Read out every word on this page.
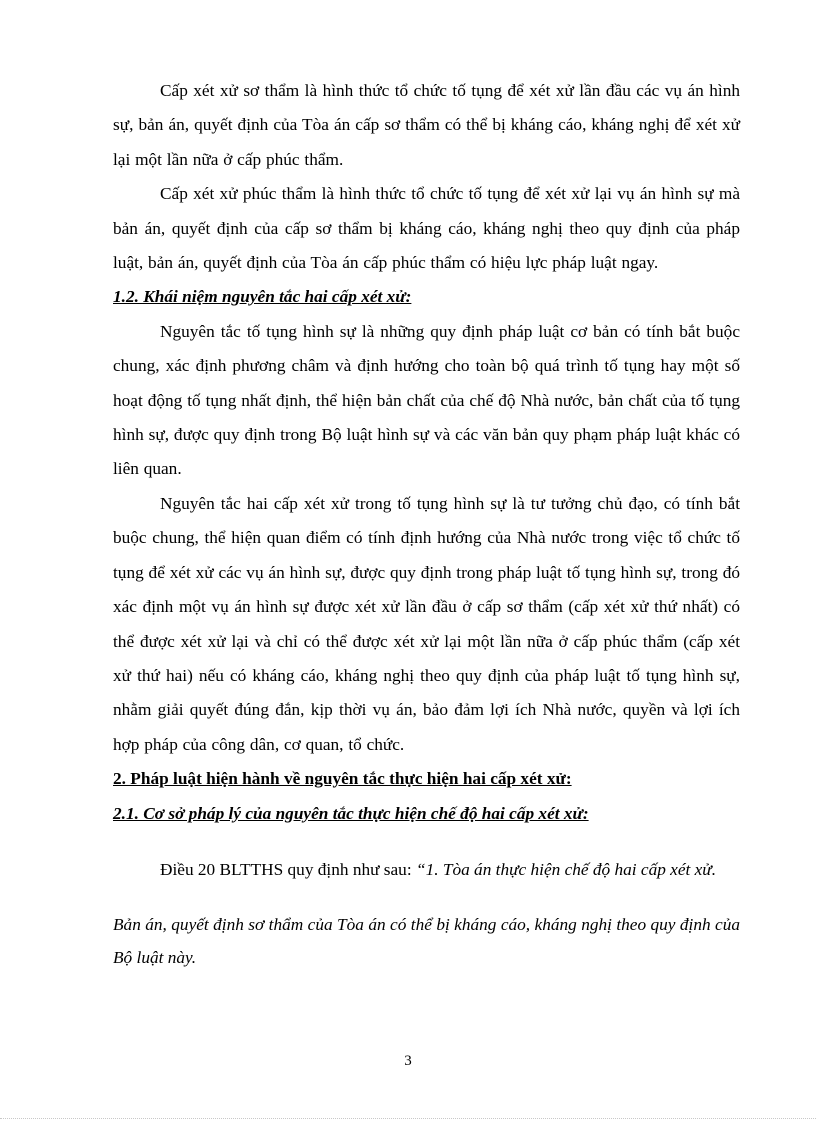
Cấp xét xử sơ thẩm là hình thức tổ chức tố tụng để xét xử lần đầu các vụ án hình sự, bản án, quyết định của Tòa án cấp sơ thẩm có thể bị kháng cáo, kháng nghị để xét xử lại một lần nữa ở cấp phúc thẩm.

Cấp xét xử phúc thẩm là hình thức tổ chức tố tụng để xét xử lại vụ án hình sự mà bản án, quyết định của cấp sơ thẩm bị kháng cáo, kháng nghị theo quy định của pháp luật, bản án, quyết định của Tòa án cấp phúc thẩm có hiệu lực pháp luật ngay.

1.2. Khái niệm nguyên tắc hai cấp xét xử:

Nguyên tắc tố tụng hình sự là những quy định pháp luật cơ bản có tính bắt buộc chung, xác định phương châm và định hướng cho toàn bộ quá trình tố tụng hay một số hoạt động tố tụng nhất định, thể hiện bản chất của chế độ Nhà nước, bản chất của tố tụng hình sự, được quy định trong Bộ luật hình sự và các văn bản quy phạm pháp luật khác có liên quan.

Nguyên tắc hai cấp xét xử trong tố tụng hình sự là tư tưởng chủ đạo, có tính bắt buộc chung, thể hiện quan điểm có tính định hướng của Nhà nước trong việc tổ chức tố tụng để xét xử các vụ án hình sự, được quy định trong pháp luật tố tụng hình sự, trong đó xác định một vụ án hình sự được xét xử lần đầu ở cấp sơ thẩm (cấp xét xử thứ nhất) có thể được xét xử lại và chỉ có thể được xét xử lại một lần nữa ở cấp phúc thẩm (cấp xét xử thứ hai) nếu có kháng cáo, kháng nghị theo quy định của pháp luật tố tụng hình sự, nhằm giải quyết đúng đắn, kịp thời vụ án, bảo đảm lợi ích Nhà nước, quyền và lợi ích hợp pháp của công dân, cơ quan, tổ chức.

2. Pháp luật hiện hành về nguyên tắc thực hiện hai cấp xét xử:

2.1. Cơ sở pháp lý của nguyên tắc thực hiện chế độ hai cấp xét xử:

Điều 20 BLTTHS quy định như sau: “1. Tòa án thực hiện chế độ hai cấp xét xử.

Bản án, quyết định sơ thẩm của Tòa án có thể bị kháng cáo, kháng nghị theo quy định của Bộ luật này.

3
